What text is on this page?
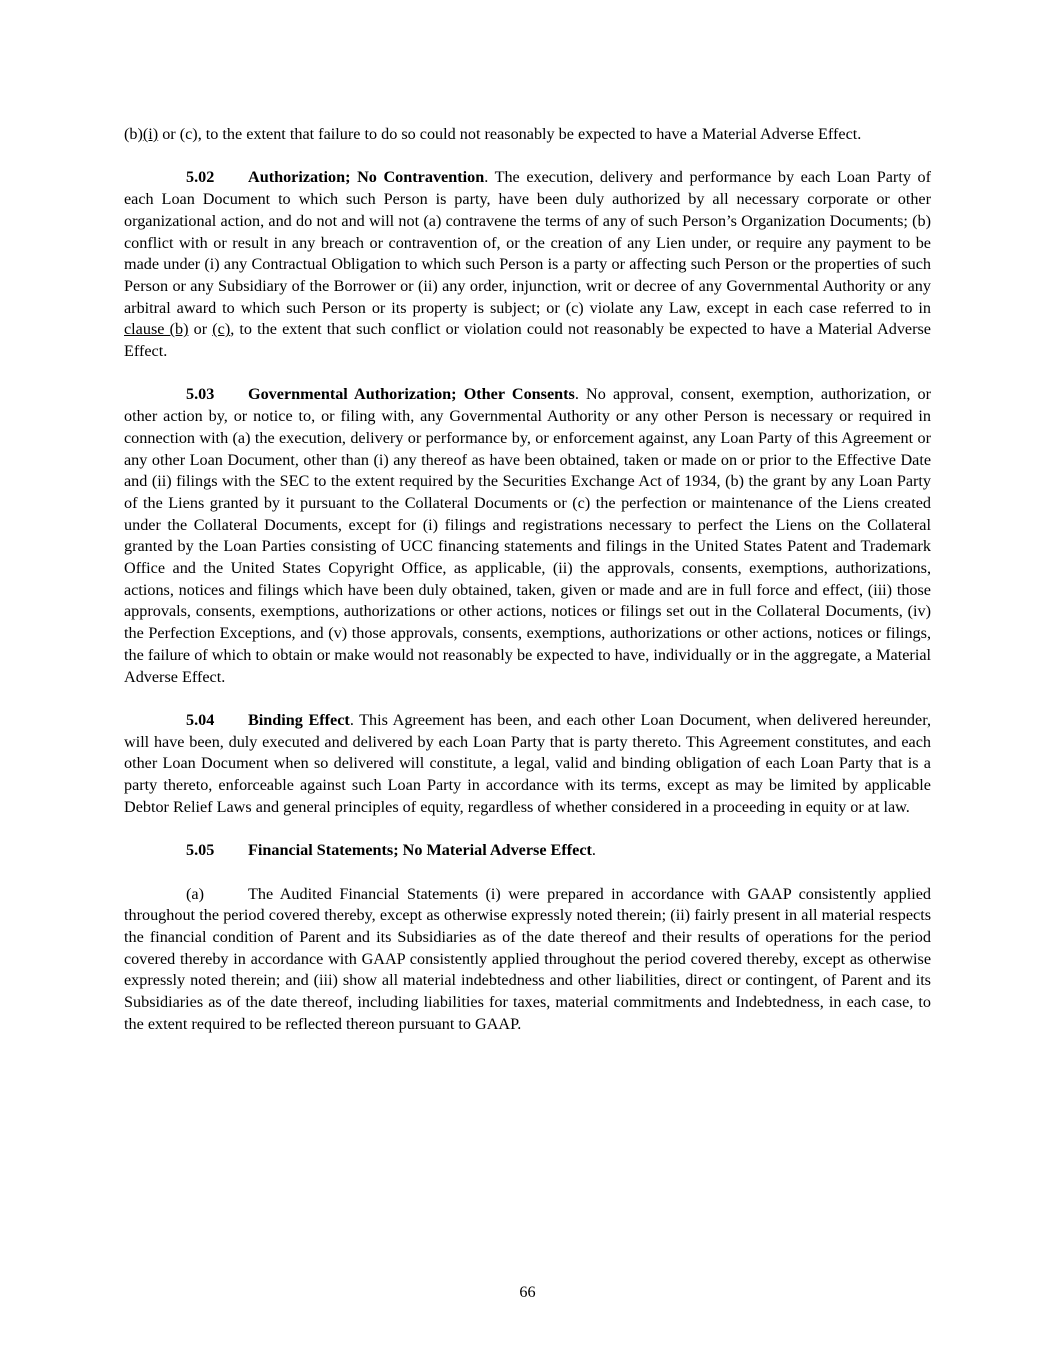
(b)(i) or (c), to the extent that failure to do so could not reasonably be expected to have a Material Adverse Effect.

5.02 Authorization; No Contravention. The execution, delivery and performance by each Loan Party of each Loan Document to which such Person is party, have been duly authorized by all necessary corporate or other organizational action, and do not and will not (a) contravene the terms of any of such Person’s Organization Documents; (b) conflict with or result in any breach or contravention of, or the creation of any Lien under, or require any payment to be made under (i) any Contractual Obligation to which such Person is a party or affecting such Person or the properties of such Person or any Subsidiary of the Borrower or (ii) any order, injunction, writ or decree of any Governmental Authority or any arbitral award to which such Person or its property is subject; or (c) violate any Law, except in each case referred to in clause (b) or (c), to the extent that such conflict or violation could not reasonably be expected to have a Material Adverse Effect.

5.03 Governmental Authorization; Other Consents. No approval, consent, exemption, authorization, or other action by, or notice to, or filing with, any Governmental Authority or any other Person is necessary or required in connection with (a) the execution, delivery or performance by, or enforcement against, any Loan Party of this Agreement or any other Loan Document, other than (i) any thereof as have been obtained, taken or made on or prior to the Effective Date and (ii) filings with the SEC to the extent required by the Securities Exchange Act of 1934, (b) the grant by any Loan Party of the Liens granted by it pursuant to the Collateral Documents or (c) the perfection or maintenance of the Liens created under the Collateral Documents, except for (i) filings and registrations necessary to perfect the Liens on the Collateral granted by the Loan Parties consisting of UCC financing statements and filings in the United States Patent and Trademark Office and the United States Copyright Office, as applicable, (ii) the approvals, consents, exemptions, authorizations, actions, notices and filings which have been duly obtained, taken, given or made and are in full force and effect, (iii) those approvals, consents, exemptions, authorizations or other actions, notices or filings set out in the Collateral Documents, (iv) the Perfection Exceptions, and (v) those approvals, consents, exemptions, authorizations or other actions, notices or filings, the failure of which to obtain or make would not reasonably be expected to have, individually or in the aggregate, a Material Adverse Effect.

5.04 Binding Effect. This Agreement has been, and each other Loan Document, when delivered hereunder, will have been, duly executed and delivered by each Loan Party that is party thereto. This Agreement constitutes, and each other Loan Document when so delivered will constitute, a legal, valid and binding obligation of each Loan Party that is a party thereto, enforceable against such Loan Party in accordance with its terms, except as may be limited by applicable Debtor Relief Laws and general principles of equity, regardless of whether considered in a proceeding in equity or at law.

5.05 Financial Statements; No Material Adverse Effect.

(a)	The Audited Financial Statements (i) were prepared in accordance with GAAP consistently applied throughout the period covered thereby, except as otherwise expressly noted therein; (ii) fairly present in all material respects the financial condition of Parent and its Subsidiaries as of the date thereof and their results of operations for the period covered thereby in accordance with GAAP consistently applied throughout the period covered thereby, except as otherwise expressly noted therein; and (iii) show all material indebtedness and other liabilities, direct or contingent, of Parent and its Subsidiaries as of the date thereof, including liabilities for taxes, material commitments and Indebtedness, in each case, to the extent required to be reflected thereon pursuant to GAAP.

66
